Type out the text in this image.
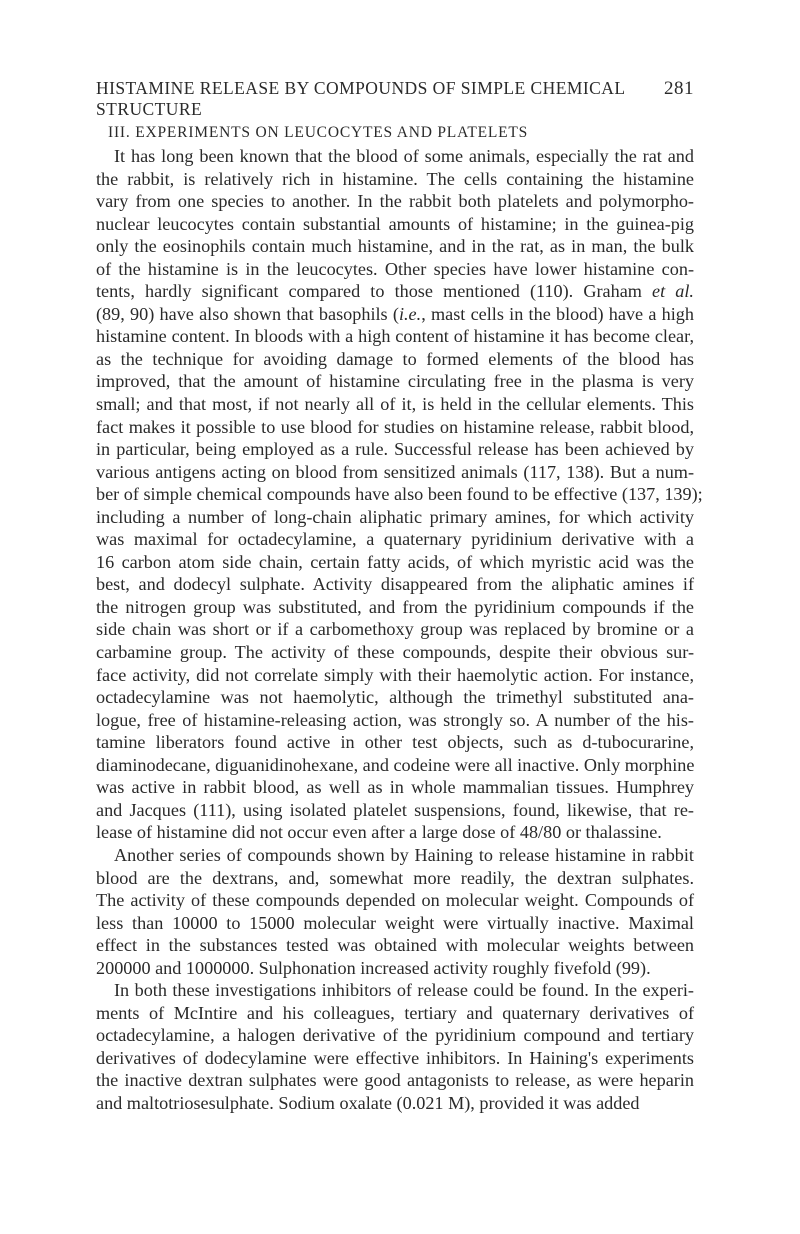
HISTAMINE RELEASE BY COMPOUNDS OF SIMPLE CHEMICAL STRUCTURE
281
III. EXPERIMENTS ON LEUCOCYTES AND PLATELETS
It has long been known that the blood of some animals, especially the rat and
the rabbit, is relatively rich in histamine. The cells containing the histamine
vary from one species to another. In the rabbit both platelets and polymorpho-
nuclear leucocytes contain substantial amounts of histamine; in the guinea-pig
only the eosinophils contain much histamine, and in the rat, as in man, the bulk
of the histamine is in the leucocytes. Other species have lower histamine con-
tents, hardly significant compared to those mentioned (110). Graham et al.
(89, 90) have also shown that basophils (i.e., mast cells in the blood) have a high
histamine content. In bloods with a high content of histamine it has become clear,
as the technique for avoiding damage to formed elements of the blood has
improved, that the amount of histamine circulating free in the plasma is very
small; and that most, if not nearly all of it, is held in the cellular elements. This
fact makes it possible to use blood for studies on histamine release, rabbit blood,
in particular, being employed as a rule. Successful release has been achieved by
various antigens acting on blood from sensitized animals (117, 138). But a num-
ber of simple chemical compounds have also been found to be effective (137, 139);
including a number of long-chain aliphatic primary amines, for which activity
was maximal for octadecylamine, a quaternary pyridinium derivative with a
16 carbon atom side chain, certain fatty acids, of which myristic acid was the
best, and dodecyl sulphate. Activity disappeared from the aliphatic amines if
the nitrogen group was substituted, and from the pyridinium compounds if the
side chain was short or if a carbomethoxy group was replaced by bromine or a
carbamine group. The activity of these compounds, despite their obvious sur-
face activity, did not correlate simply with their haemolytic action. For instance,
octadecylamine was not haemolytic, although the trimethyl substituted ana-
logue, free of histamine-releasing action, was strongly so. A number of the his-
tamine liberators found active in other test objects, such as d-tubocurarine,
diaminodecane, diguanidinohexane, and codeine were all inactive. Only morphine
was active in rabbit blood, as well as in whole mammalian tissues. Humphrey
and Jacques (111), using isolated platelet suspensions, found, likewise, that re-
lease of histamine did not occur even after a large dose of 48/80 or thalassine.
Another series of compounds shown by Haining to release histamine in rabbit
blood are the dextrans, and, somewhat more readily, the dextran sulphates.
The activity of these compounds depended on molecular weight. Compounds of
less than 10000 to 15000 molecular weight were virtually inactive. Maximal
effect in the substances tested was obtained with molecular weights between
200000 and 1000000. Sulphonation increased activity roughly fivefold (99).
In both these investigations inhibitors of release could be found. In the experi-
ments of McIntire and his colleagues, tertiary and quaternary derivatives of
octadecylamine, a halogen derivative of the pyridinium compound and tertiary
derivatives of dodecylamine were effective inhibitors. In Haining's experiments
the inactive dextran sulphates were good antagonists to release, as were heparin
and maltotriosesulphate. Sodium oxalate (0.021 M), provided it was added
